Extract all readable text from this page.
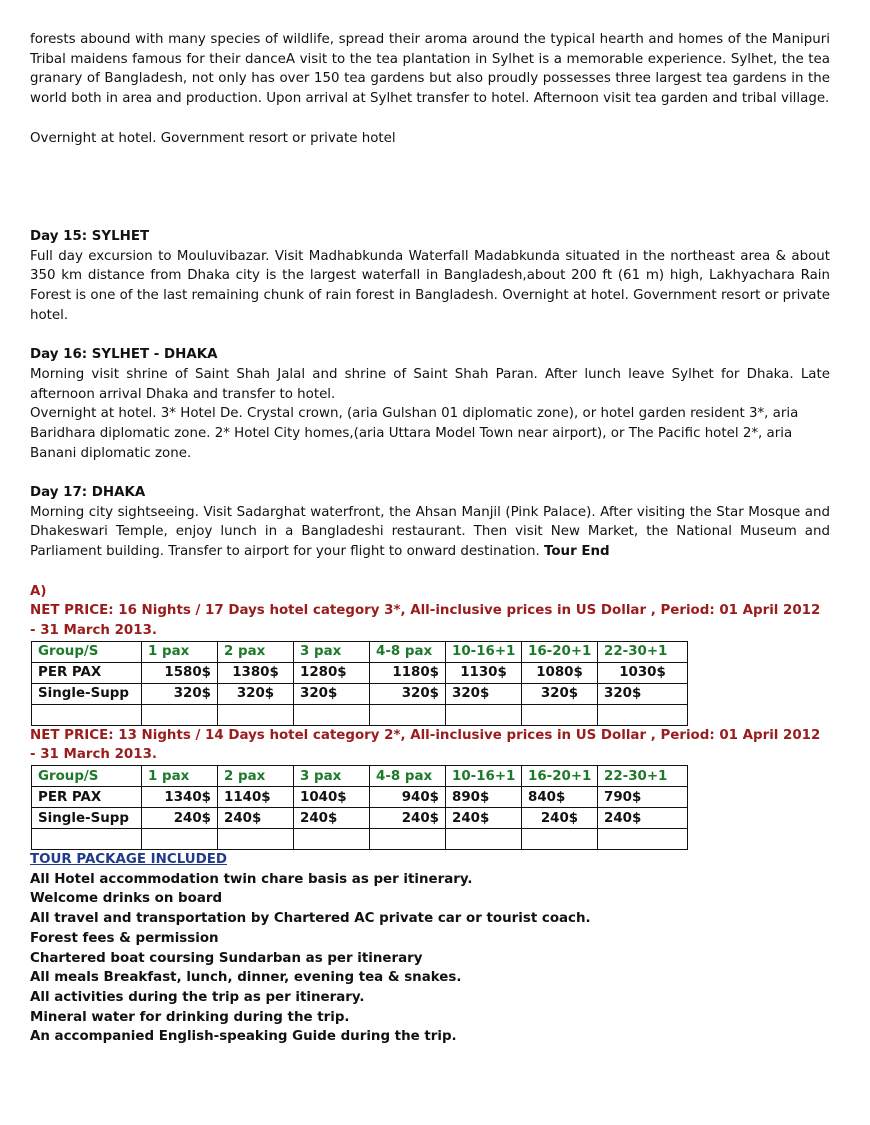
forests abound with many species of wildlife, spread their aroma around the typical hearth and homes of the Manipuri Tribal maidens famous for their danceA visit to the tea plantation in Sylhet is a memorable experience. Sylhet, the tea granary of Bangladesh, not only has over 150 tea gardens but also proudly possesses three largest tea gardens in the world both in area and production. Upon arrival at Sylhet transfer to hotel. Afternoon visit tea garden and tribal village.

Overnight at hotel. Government resort or private hotel

Day 15: SYLHET

Full day excursion to Mouluvibazar. Visit Madhabkunda Waterfall Madabkunda situated in the northeast area & about 350 km distance from Dhaka city is the largest waterfall in Bangladesh,about 200 ft (61 m) high, Lakhyachara Rain Forest is one of the last remaining chunk of rain forest in Bangladesh. Overnight at hotel. Government resort or private hotel.

Day 16: SYLHET - DHAKA

Morning visit shrine of Saint Shah Jalal and shrine of Saint Shah Paran. After lunch leave Sylhet for Dhaka. Late afternoon arrival Dhaka and transfer to hotel.

Overnight at hotel. 3* Hotel De. Crystal crown, (aria Gulshan 01 diplomatic zone), or hotel garden resident 3*, aria Baridhara diplomatic zone. 2* Hotel City homes,(aria Uttara Model Town near airport), or The Pacific hotel 2*, aria Banani diplomatic zone.

Day 17: DHAKA

Morning city sightseeing. Visit Sadarghat waterfront, the Ahsan Manjil (Pink Palace). After visiting the Star Mosque and Dhakeswari Temple, enjoy lunch in a Bangladeshi restaurant. Then visit New Market, the National Museum and Parliament building. Transfer to airport for your flight to onward destination. Tour End

A)

NET PRICE: 16 Nights / 17 Days hotel category 3*, All-inclusive prices in US Dollar , Period: 01 April 2012 - 31 March 2013.

Group/S	1 pax	2 pax	3 pax	4-8 pax	10-16+1	16-20+1	22-30+1
PER PAX	1580$	1380$	1280$	1180$	1130$	1080$	1030$
Single-Supp	320$	320$	320$	320$	320$	320$	320$

NET PRICE: 13 Nights / 14 Days hotel category 2*, All-inclusive prices in US Dollar , Period: 01 April 2012 - 31 March 2013.

Group/S	1 pax	2 pax	3 pax	4-8 pax	10-16+1	16-20+1	22-30+1
PER PAX	1340$	1140$	1040$	940$	890$	840$	790$
Single-Supp	240$	240$	240$	240$	240$	240$	240$

TOUR PACKAGE INCLUDED

All Hotel accommodation twin chare basis as per itinerary.

Welcome drinks on board

All travel and transportation by Chartered AC private car or tourist coach.

Forest fees & permission

Chartered boat coursing Sundarban as per itinerary

All meals Breakfast, lunch, dinner, evening tea & snakes.

All activities during the trip as per itinerary.

Mineral water for drinking during the trip.

An accompanied English-speaking Guide during the trip.
